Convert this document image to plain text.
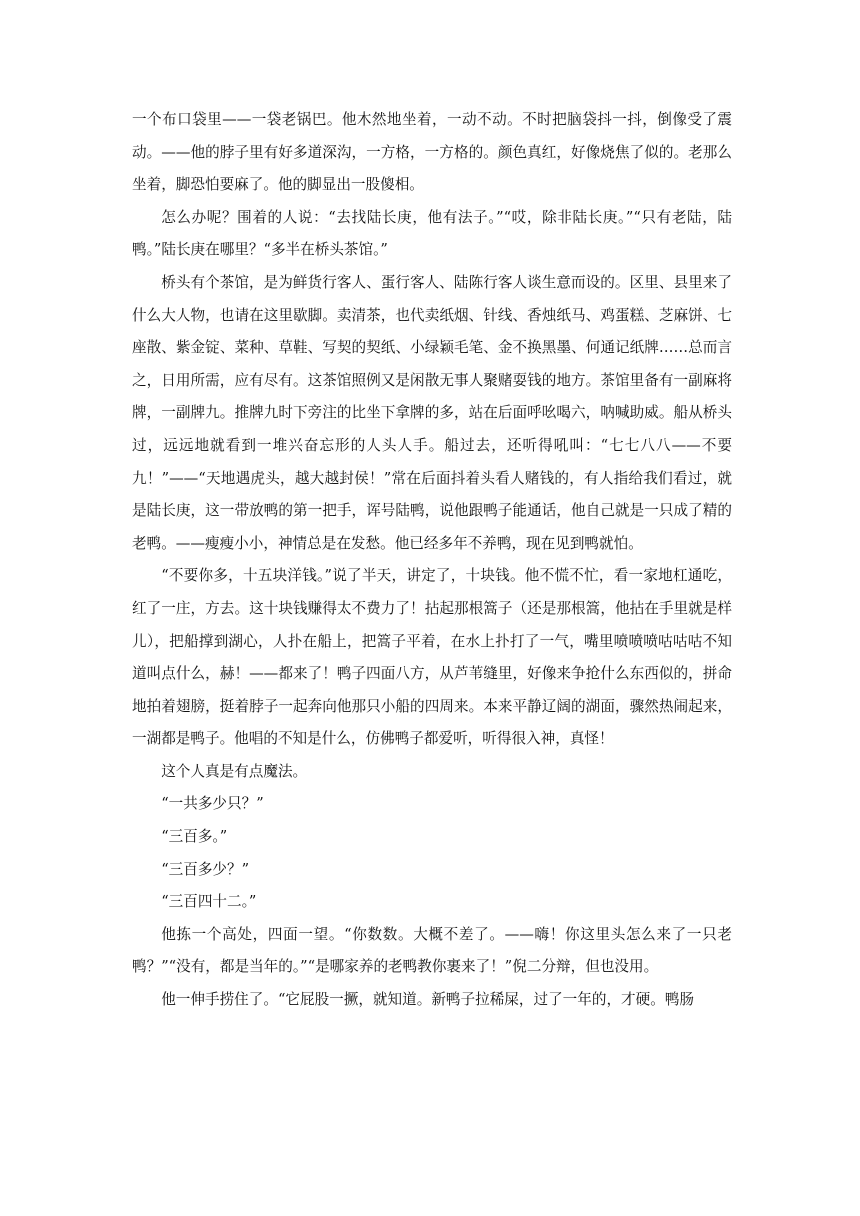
一个布口袋里——一袋老锅巴。他木然地坐着，一动不动。不时把脑袋抖一抖，倒像受了震动。——他的脖子里有好多道深沟，一方格，一方格的。颜色真红，好像烧焦了似的。老那么坐着，脚恐怕要麻了。他的脚显出一股傻相。

怎么办呢？围着的人说：“去找陆长庚，他有法子。”“哎，除非陆长庚。”“只有老陆，陆鸭。”陆长庚在哪里？“多半在桥头茶馆。”

桥头有个茶馆，是为鲜货行客人、蛋行客人、陆陈行客人谈生意而设的。区里、县里来了什么大人物，也请在这里歇脚。卖清茶，也代卖纸烟、针线、香烛纸马、鸡蛋糕、芝麻饼、七座散、紫金锭、菜种、草鞋、写契的契纸、小绿颖毛笔、金不换黑墨、何通记纸牌……总而言之，日用所需，应有尽有。这茶馆照例又是闲散无事人聚赌耍钱的地方。茶馆里备有一副麻将牌，一副牌九。推牌九时下旁注的比坐下拿牌的多，站在后面呼吆喝六，呐喊助威。船从桥头过，远远地就看到一堆兴奋忘形的人头人手。船过去，还听得吼叫：“七七八八——不要九！”——“天地遇虎头，越大越封侯！”常在后面抖着头看人赌钱的，有人指给我们看过，就是陆长庚，这一带放鸭的第一把手，诨号陆鸭，说他跟鸭子能通话，他自己就是一只成了精的老鸭。——瘦瘦小小，神情总是在发愁。他已经多年不养鸭，现在见到鸭就怕。

“不要你多，十五块洋钱。”说了半天，讲定了，十块钱。他不慌不忙，看一家地杠通吃，红了一庄，方去。这十块钱赚得太不费力了！拈起那根篙子（还是那根篙，他拈在手里就是样儿），把船撑到湖心，人扑在船上，把篙子平着，在水上扑打了一气，嘴里喷喷喷咕咕咕不知道叫点什么，赫！——都来了！鸭子四面八方，从芦苇缝里，好像来争抢什么东西似的，拼命地拍着翅膀，挺着脖子一起奔向他那只小船的四周来。本来平静辽阔的湖面，骤然热闹起来，一湖都是鸭子。他唱的不知是什么，仿佛鸭子都爱听，听得很入神，真怪！

这个人真是有点魔法。

“一共多少只？”

“三百多。”

“三百多少？”

“三百四十二。”

他拣一个高处，四面一望。“你数数。大概不差了。——嗨！你这里头怎么来了一只老鸭？”“没有，都是当年的。”“是哪家养的老鸭教你裹来了！”倪二分辩，但也没用。

他一伸手捞住了。“它屁股一撅，就知道。新鸭子拉稀屎，过了一年的，才硬。鸭肠
